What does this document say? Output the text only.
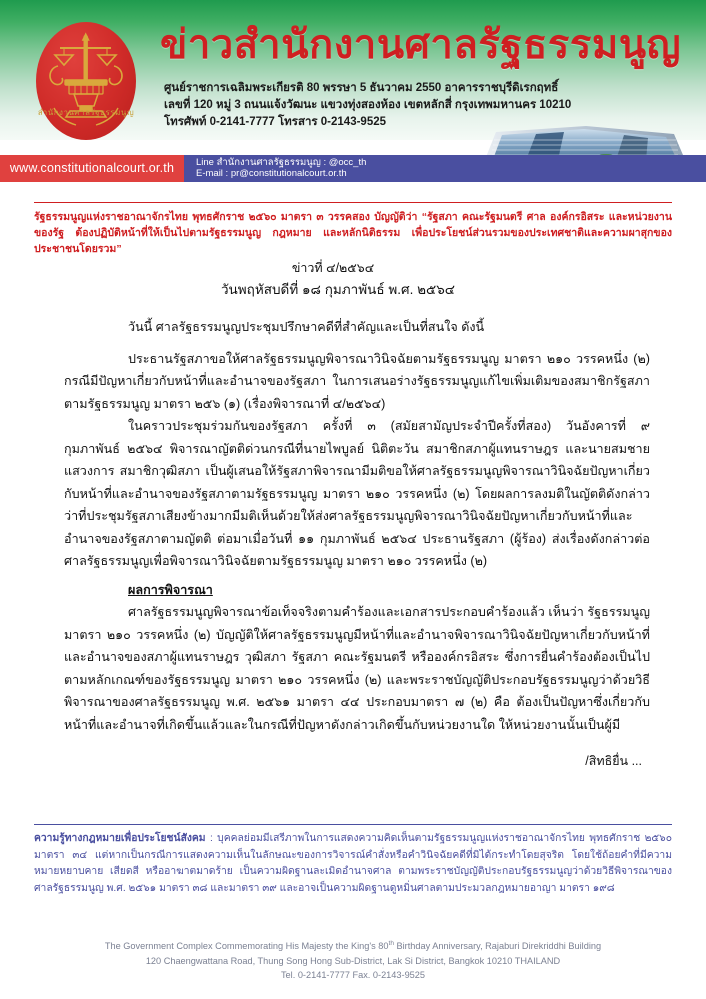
สำนักงานศาลรัฐธรรมนูญ
ข่าวสำนักงานศาลรัฐธรรมนูญ
ศูนย์ราชการเฉลิมพระเกียรติ 80 พรรษา 5 ธันวาคม 2550 อาคารราชบุรีดิเรกฤทธิ์
เลขที่ 120 หมู่ 3 ถนนแจ้งวัฒนะ แขวงทุ่งสองห้อง เขตหลักสี่ กรุงเทพมหานคร 10210
โทรศัพท์ 0-2141-7777 โทรสาร 0-2143-9525
www.constitutionalcourt.or.th	Line สำนักงานศาลรัฐธรรมนูญ : @occ_th
E-mail : pr@constitutionalcourt.or.th
รัฐธรรมนูญแห่งราชอาณาจักรไทย พุทธศักราช ๒๕๖๐ มาตรา ๓ วรรคสอง บัญญัติว่า “รัฐสภา คณะรัฐมนตรี ศาล องค์กรอิสระ และหน่วยงานของรัฐ ต้องปฏิบัติหน้าที่ให้เป็นไปตามรัฐธรรมนูญ กฎหมาย และหลักนิติธรรม เพื่อประโยชน์ส่วนรวมของประเทศชาติและความผาสุกของประชาชนโดยรวม”
ข่าวที่ ๔/๒๕๖๔
วันพฤหัสบดีที่ ๑๘ กุมภาพันธ์ พ.ศ. ๒๕๖๔

วันนี้ ศาลรัฐธรรมนูญประชุมปรึกษาคดีที่สำคัญและเป็นที่สนใจ ดังนี้

ประธานรัฐสภาขอให้ศาลรัฐธรรมนูญพิจารณาวินิจฉัยตามรัฐธรรมนูญ มาตรา ๒๑๐ วรรคหนึ่ง (๒) กรณีมีปัญหาเกี่ยวกับหน้าที่และอำนาจของรัฐสภา ในการเสนอร่างรัฐธรรมนูญแก้ไขเพิ่มเติมของสมาชิกรัฐสภา ตามรัฐธรรมนูญ มาตรา ๒๕๖ (๑) (เรื่องพิจารณาที่ ๔/๒๕๖๔)

ในคราวประชุมร่วมกันของรัฐสภา ครั้งที่ ๓ (สมัยสามัญประจำปีครั้งที่สอง) วันอังคารที่ ๙ กุมภาพันธ์ ๒๕๖๔ พิจารณาญัตติด่วนกรณีที่นายไพบูลย์ นิติตะวัน สมาชิกสภาผู้แทนราษฎร และนายสมชาย แสวงการ สมาชิกวุฒิสภา เป็นผู้เสนอให้รัฐสภาพิจารณามีมติขอให้ศาลรัฐธรรมนูญพิจารณาวินิจฉัยปัญหาเกี่ยวกับหน้าที่และอำนาจของรัฐสภาตามรัฐธรรมนูญ มาตรา ๒๑๐ วรรคหนึ่ง (๒) โดยผลการลงมติในญัตติดังกล่าวว่าที่ประชุมรัฐสภาเสียงข้างมากมีมติเห็นด้วยให้ส่งศาลรัฐธรรมนูญพิจารณาวินิจฉัยปัญหาเกี่ยวกับหน้าที่และอำนาจของรัฐสภาตามญัตติ ต่อมาเมื่อวันที่ ๑๑ กุมภาพันธ์ ๒๕๖๔ ประธานรัฐสภา (ผู้ร้อง) ส่งเรื่องดังกล่าวต่อศาลรัฐธรรมนูญเพื่อพิจารณาวินิจฉัยตามรัฐธรรมนูญ มาตรา ๒๑๐ วรรคหนึ่ง (๒)

ผลการพิจารณา

ศาลรัฐธรรมนูญพิจารณาข้อเท็จจริงตามคำร้องและเอกสารประกอบคำร้องแล้ว เห็นว่า รัฐธรรมนูญ มาตรา ๒๑๐ วรรคหนึ่ง (๒) บัญญัติให้ศาลรัฐธรรมนูญมีหน้าที่และอำนาจพิจารณาวินิจฉัยปัญหาเกี่ยวกับหน้าที่และอำนาจของสภาผู้แทนราษฎร วุฒิสภา รัฐสภา คณะรัฐมนตรี หรือองค์กรอิสระ ซึ่งการยื่นคำร้องต้องเป็นไปตามหลักเกณฑ์ของรัฐธรรมนูญ มาตรา ๒๑๐ วรรคหนึ่ง (๒) และพระราชบัญญัติประกอบรัฐธรรมนูญว่าด้วยวิธีพิจารณาของศาลรัฐธรรมนูญ พ.ศ. ๒๕๖๑ มาตรา ๔๔ ประกอบมาตรา ๗ (๒) คือ ต้องเป็นปัญหาซึ่งเกี่ยวกับหน้าที่และอำนาจที่เกิดขึ้นแล้วและในกรณีที่ปัญหาดังกล่าวเกิดขึ้นกับหน่วยงานใด ให้หน่วยงานนั้นเป็นผู้มี

/สิทธิยื่น ...
ความรู้ทางกฎหมายเพื่อประโยชน์สังคม : บุคคลย่อมมีเสรีภาพในการแสดงความคิดเห็นตามรัฐธรรมนูญแห่งราชอาณาจักรไทย พุทธศักราช ๒๕๖๐ มาตรา ๓๔ แต่หากเป็นกรณีการแสดงความเห็นในลักษณะของการวิจารณ์คำสั่งหรือคำวินิจฉัยคดีที่มิได้กระทำโดยสุจริต โดยใช้ถ้อยคำที่มีความหมายหยาบคาย เสียดสี หรืออาฆาตมาดร้าย เป็นความผิดฐานละเมิดอำนาจศาล ตามพระราชบัญญัติประกอบรัฐธรรมนูญว่าด้วยวิธีพิจารณาของศาลรัฐธรรมนูญ พ.ศ. ๒๕๖๑ มาตรา ๓๘ และมาตรา ๓๙ และอาจเป็นความผิดฐานดูหมิ่นศาลตามประมวลกฎหมายอาญา มาตรา ๑๙๘
The Government Complex Commemorating His Majesty the King's 80th Birthday Anniversary, Rajaburi Direkriddhi Building
120 Chaengwattana Road, Thung Song Hong Sub-District, Lak Si District, Bangkok 10210 THAILAND
Tel. 0-2141-7777 Fax. 0-2143-9525
